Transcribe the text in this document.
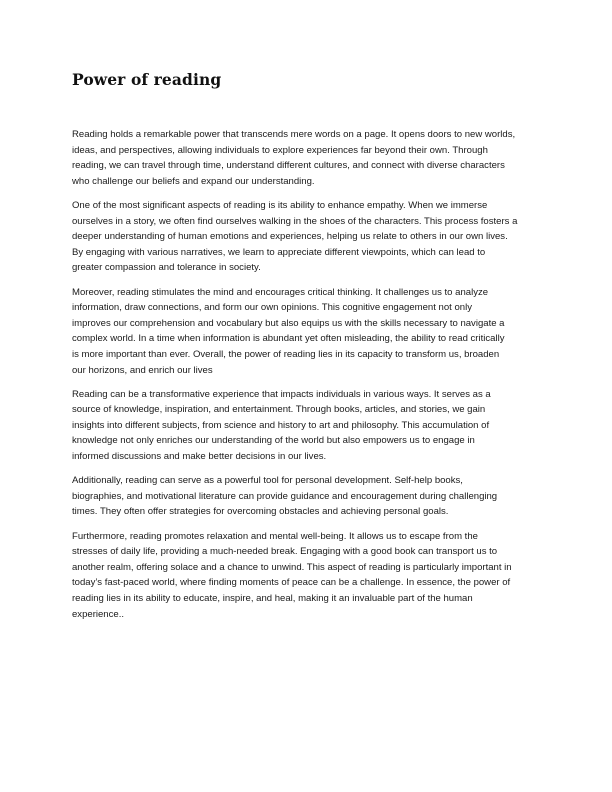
Power of reading

Reading holds a remarkable power that transcends mere words on a page. It opens doors to new worlds,
ideas, and perspectives, allowing individuals to explore experiences far beyond their own. Through
reading, we can travel through time, understand different cultures, and connect with diverse characters
who challenge our beliefs and expand our understanding.

One of the most significant aspects of reading is its ability to enhance empathy. When we immerse
ourselves in a story, we often find ourselves walking in the shoes of the characters. This process fosters a
deeper understanding of human emotions and experiences, helping us relate to others in our own lives.
By engaging with various narratives, we learn to appreciate different viewpoints, which can lead to
greater compassion and tolerance in society.

Moreover, reading stimulates the mind and encourages critical thinking. It challenges us to analyze
information, draw connections, and form our own opinions. This cognitive engagement not only
improves our comprehension and vocabulary but also equips us with the skills necessary to navigate a
complex world. In a time when information is abundant yet often misleading, the ability to read critically
is more important than ever. Overall, the power of reading lies in its capacity to transform us, broaden
our horizons, and enrich our lives

Reading can be a transformative experience that impacts individuals in various ways. It serves as a
source of knowledge, inspiration, and entertainment. Through books, articles, and stories, we gain
insights into different subjects, from science and history to art and philosophy. This accumulation of
knowledge not only enriches our understanding of the world but also empowers us to engage in
informed discussions and make better decisions in our lives.

Additionally, reading can serve as a powerful tool for personal development. Self-help books,
biographies, and motivational literature can provide guidance and encouragement during challenging
times. They often offer strategies for overcoming obstacles and achieving personal goals.

Furthermore, reading promotes relaxation and mental well-being. It allows us to escape from the
stresses of daily life, providing a much-needed break. Engaging with a good book can transport us to
another realm, offering solace and a chance to unwind. This aspect of reading is particularly important in
today’s fast-paced world, where finding moments of peace can be a challenge. In essence, the power of
reading lies in its ability to educate, inspire, and heal, making it an invaluable part of the human
experience..
